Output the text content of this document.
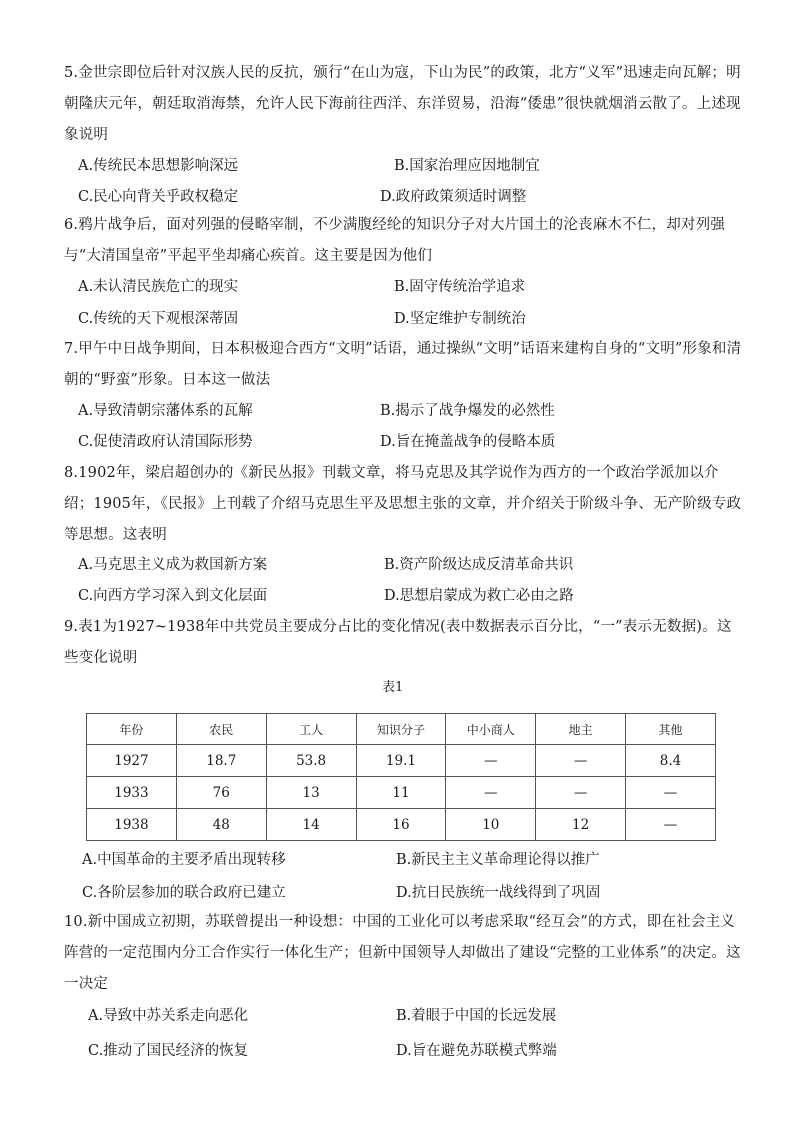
5.金世宗即位后针对汉族人民的反抗，颁行“在山为寇，下山为民”的政策，北方“义军”迅速走向瓦解；明朝隆庆元年，朝廷取消海禁，允许人民下海前往西洋、东洋贸易，沿海“倭患”很快就烟消云散了。上述现象说明
A.传统民本思想影响深远	B.国家治理应因地制宜
C.民心向背关乎政权稳定	D.政府政策须适时调整
6.鸦片战争后，面对列强的侵略宰制，不少满腹经纶的知识分子对大片国土的沦丧麻木不仁，却对列强与“大清国皇帝”平起平坐却痛心疾首。这主要是因为他们
A.未认清民族危亡的现实	B.固守传统治学追求
C.传统的天下观根深蒂固	D.坚定维护专制统治
7.甲午中日战争期间，日本积极迎合西方“文明”话语，通过操纵“文明”话语来建构自身的“文明”形象和清朝的“野蛮”形象。日本这一做法
A.导致清朝宗藩体系的瓦解	B.揭示了战争爆发的必然性
C.促使清政府认清国际形势	D.旨在掩盖战争的侵略本质
8.1902年，梁启超创办的《新民丛报》刊载文章，将马克思及其学说作为西方的一个政治学派加以介绍；1905年，《民报》上刊载了介绍马克思生平及思想主张的文章，并介绍关于阶级斗争、无产阶级专政等思想。这表明
A.马克思主义成为救国新方案	B.资产阶级达成反清革命共识
C.向西方学习深入到文化层面	D.思想启蒙成为救亡必由之路
9.表1为1927~1938年中共党员主要成分占比的变化情况(表中数据表示百分比，“一”表示无数据)。这些变化说明
表1
年份	农民	工人	知识分子	中小商人	地主	其他
1927	18.7	53.8	19.1	—	—	8.4
1933	76	13	11	—	—	—
1938	48	14	16	10	12	—
A.中国革命的主要矛盾出现转移	B.新民主主义革命理论得以推广
C.各阶层参加的联合政府已建立	D.抗日民族统一战线得到了巩固
10.新中国成立初期，苏联曾提出一种设想：中国的工业化可以考虑采取“经互会”的方式，即在社会主义阵营的一定范围内分工合作实行一体化生产；但新中国领导人却做出了建设“完整的工业体系”的决定。这一决定
A.导致中苏关系走向恶化	B.着眼于中国的长远发展
C.推动了国民经济的恢复	D.旨在避免苏联模式弊端
